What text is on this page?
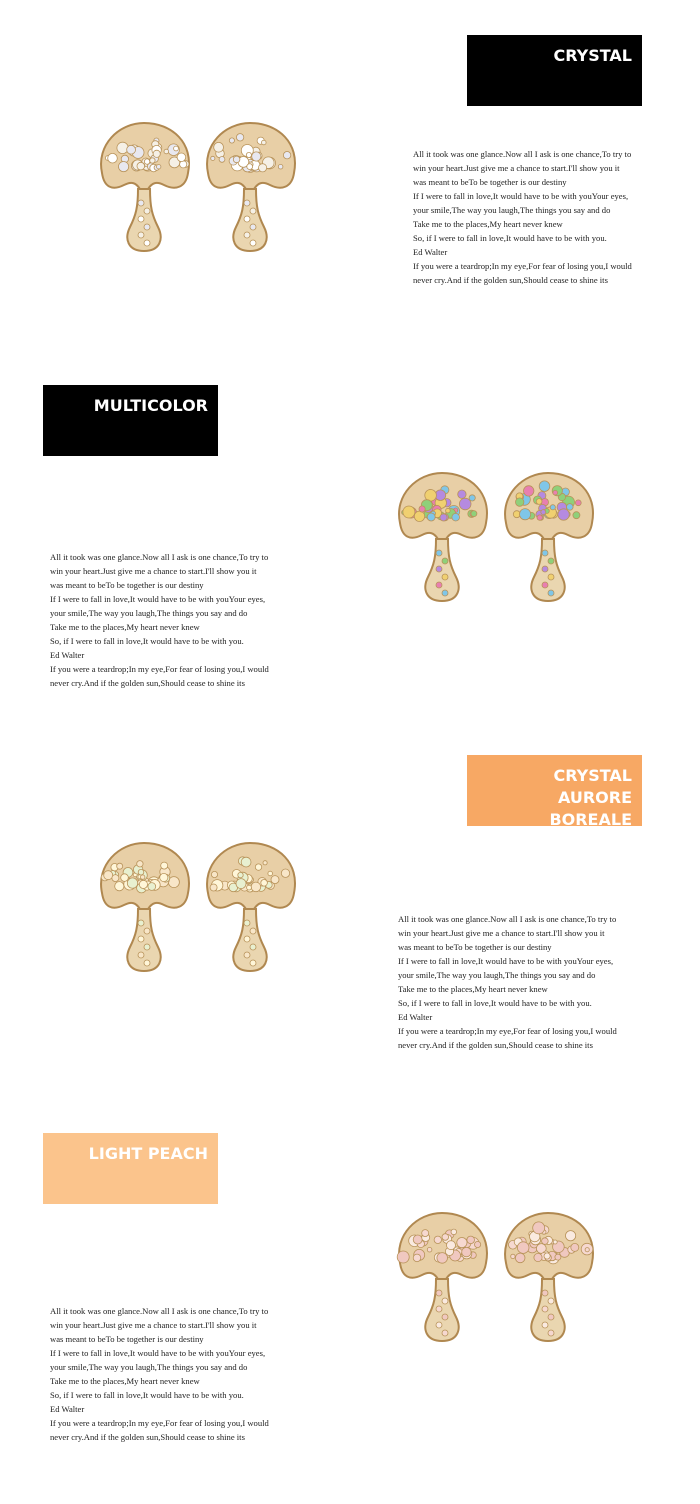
CRYSTAL
All it took was one glance.Now all I ask is one chance,To try to
win your heart.Just give me a chance to start.I'll show you it
was meant to beTo be together is our destiny
If I were to fall in love,It would have to be with youYour eyes,
your smile,The way you laugh,The things you say and do
Take me to the places,My heart never knew
So, if I were to fall in love,It would have to be with you.
Ed Walter
If you were a teardrop;In my eye,For fear of losing you,I would
never cry.And if the golden sun,Should cease to shine its
MULTICOLOR
All it took was one glance.Now all I ask is one chance,To try to
win your heart.Just give me a chance to start.I'll show you it
was meant to beTo be together is our destiny
If I were to fall in love,It would have to be with youYour eyes,
your smile,The way you laugh,The things you say and do
Take me to the places,My heart never knew
So, if I were to fall in love,It would have to be with you.
Ed Walter
If you were a teardrop;In my eye,For fear of losing you,I would
never cry.And if the golden sun,Should cease to shine its
CRYSTAL AURORE
BOREALE
All it took was one glance.Now all I ask is one chance,To try to
win your heart.Just give me a chance to start.I'll show you it
was meant to beTo be together is our destiny
If I were to fall in love,It would have to be with youYour eyes,
your smile,The way you laugh,The things you say and do
Take me to the places,My heart never knew
So, if I were to fall in love,It would have to be with you.
Ed Walter
If you were a teardrop;In my eye,For fear of losing you,I would
never cry.And if the golden sun,Should cease to shine its
LIGHT PEACH
All it took was one glance.Now all I ask is one chance,To try to
win your heart.Just give me a chance to start.I'll show you it
was meant to beTo be together is our destiny
If I were to fall in love,It would have to be with youYour eyes,
your smile,The way you laugh,The things you say and do
Take me to the places,My heart never knew
So, if I were to fall in love,It would have to be with you.
Ed Walter
If you were a teardrop;In my eye,For fear of losing you,I would
never cry.And if the golden sun,Should cease to shine its
